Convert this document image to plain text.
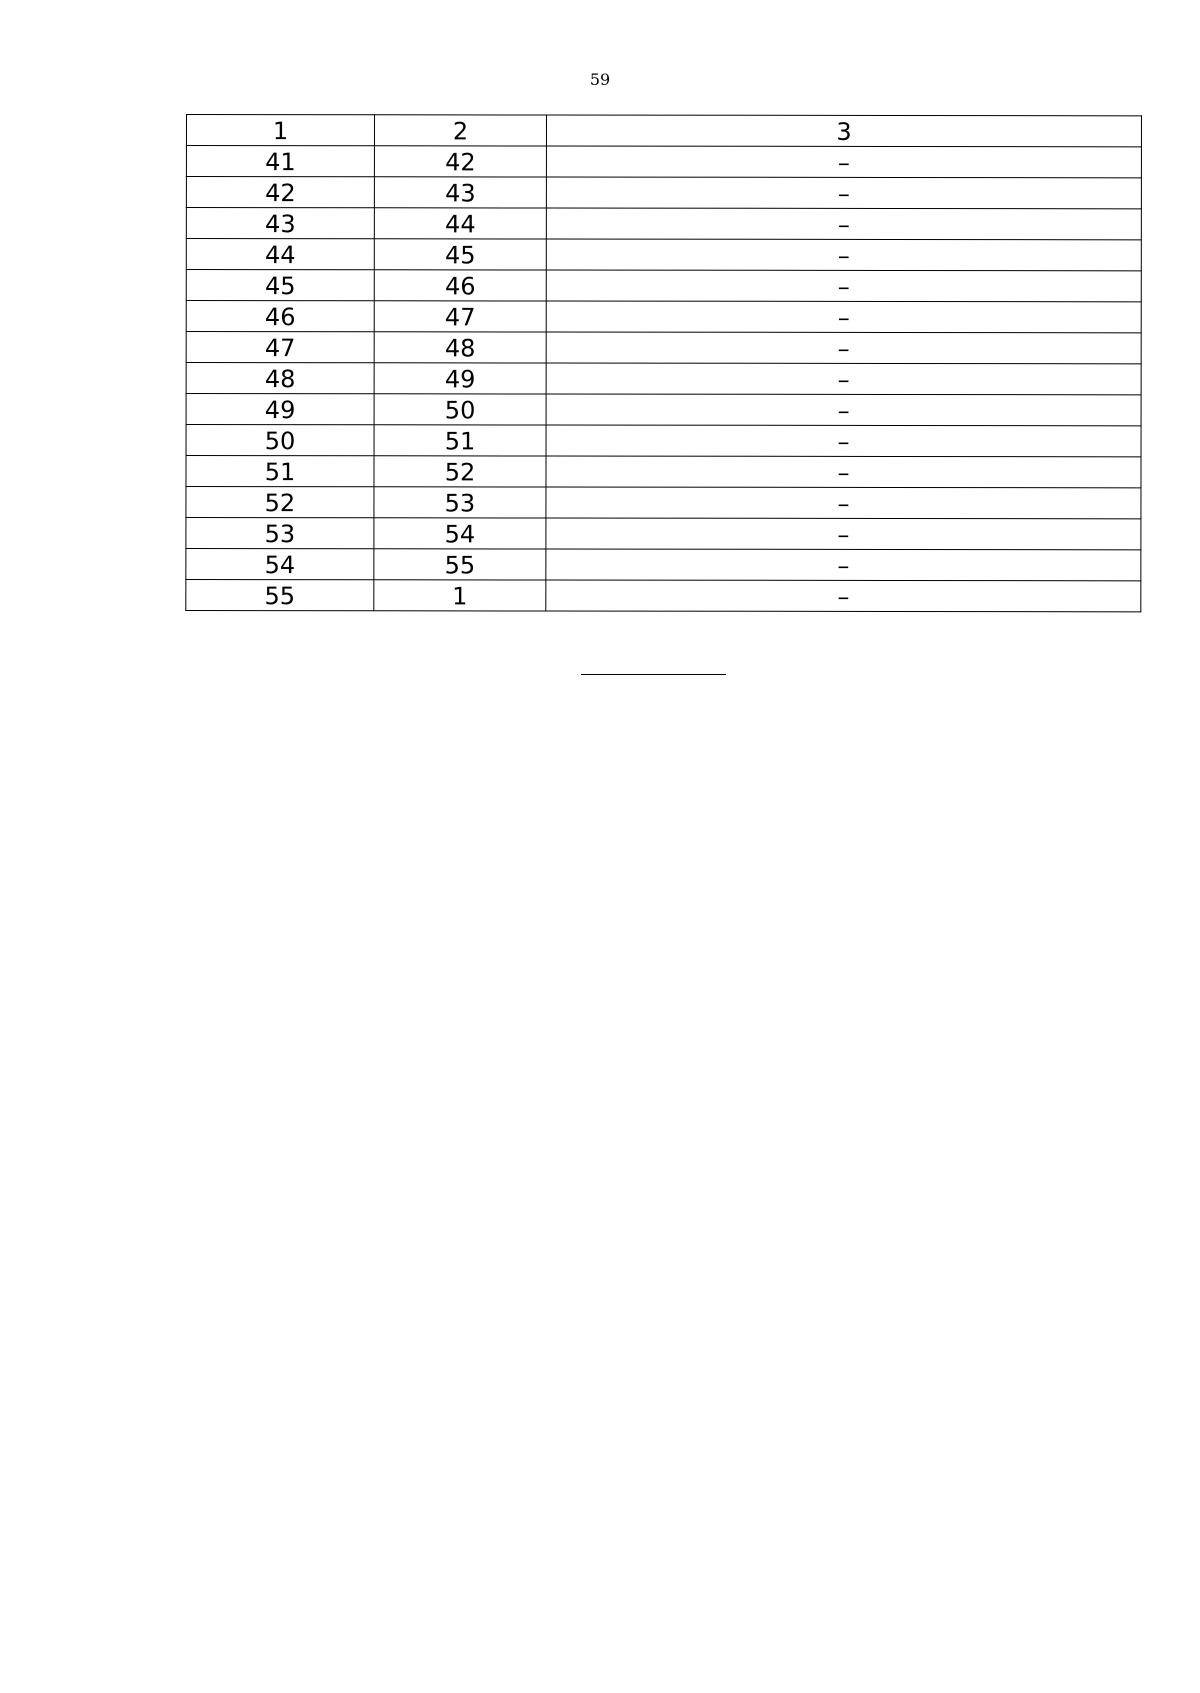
59
1	2	3
41	42	–
42	43	–
43	44	–
44	45	–
45	46	–
46	47	–
47	48	–
48	49	–
49	50	–
50	51	–
51	52	–
52	53	–
53	54	–
54	55	–
55	1	–
